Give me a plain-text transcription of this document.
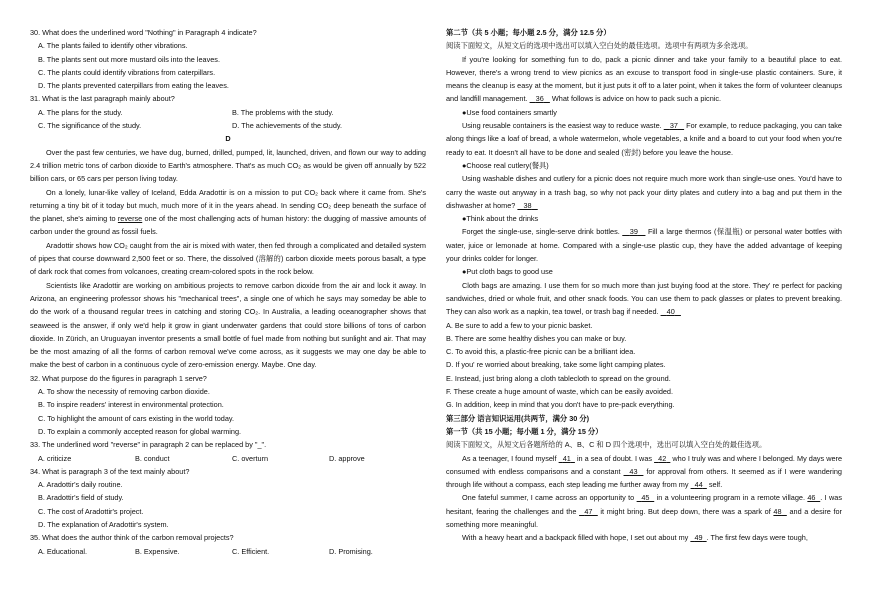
30. What does the underlined word "Nothing" in Paragraph 4 indicate?
A. The plants failed to identify other vibrations.
B. The plants sent out more mustard oils into the leaves.
C. The plants could identify vibrations from caterpillars.
D. The plants prevented caterpillars from eating the leaves.
31. What is the last paragraph mainly about?
A. The plans for the study.	B. The problems with the study.
C. The significance of the study.	D. The achievements of the study.
D
Over the past few centuries, we have dug, burned, drilled, pumped, lit, launched, driven, and flown our way to adding 2.4 trillion metric tons of carbon dioxide to Earth's atmosphere. That's as much CO₂ as would be given off annually by 522 billion cars, or 65 cars per person living today.
On a lonely, lunar-like valley of Iceland, Edda Aradottir is on a mission to put CO₂ back where it came from. She's returning a tiny bit of it today but much, much more of it in the years ahead. In sending CO₂ deep beneath the surface of the planet, she's aiming to reverse one of the most challenging acts of human history: the dugging of massive amounts of carbon under the ground as fossil fuels.
Aradottir shows how CO₂ caught from the air is mixed with water, then fed through a complicated and detailed system of pipes that course downward 2,500 feet or so. There, the dissolved (溶解的) carbon dioxide meets porous basalt, a type of dark rock that comes from volcanoes, creating cream-colored spots in the rock below.
Scientists like Aradottir are working on ambitious projects to remove carbon dioxide from the air and lock it away. In Arizona, an engineering professor shows his "mechanical trees", a single one of which he says may someday be able to do the work of a thousand regular trees in catching and storing CO₂. In Australia, a leading oceanographer shows that seaweed is the answer, if only we'd help it grow in giant underwater gardens that could store billions of tons of carbon dioxide. In Zürich, an Uruguayan inventor presents a small bottle of fuel made from nothing but sunlight and air. That may be the most amazing of all the forms of carbon removal we've come across, as it suggests we may one day be able to make the best of carbon in a continuous cycle of zero-emission energy. Maybe. One day.
32. What purpose do the figures in paragraph 1 serve?
A. To show the necessity of removing carbon dioxide.
B. To inspire readers' interest in environmental protection.
C. To highlight the amount of cars existing in the world today.
D. To explain a commonly accepted reason for global warming.
33. The underlined word "reverse" in paragraph 2 can be replaced by "_".
A. criticize	B. conduct	C. overturn	D. approve
34. What is paragraph 3 of the text mainly about?
A. Aradottir's daily routine.
B. Aradottir's field of study.
C. The cost of Aradottir's project.
D. The explanation of Aradottir's system.
35. What does the author think of the carbon removal projects?
A. Educational.	B. Expensive.	C. Efficient.	D. Promising.
第二节（共 5 小题；每小题 2.5 分，满分 12.5 分）
阅读下面短文，从短文后的选项中选出可以填入空白处的最佳选项。选项中有两项为多余选项。
If you're looking for something fun to do, pack a picnic dinner and take your family to a beautiful place to eat. However, there's a wrong trend to view picnics as an excuse to transport food in single-use plastic containers. Sure, it means the cleanup is easy at the moment, but it just puts it off to a later point, when it takes the form of volunteer cleanups and landfill management. 36 What follows is advice on how to pack such a picnic.
●Use food containers smartly
Using reusable containers is the easiest way to reduce waste. 37 For example, to reduce packaging, you can take along things like a loaf of bread, a whole watermelon, whole vegetables, a knife and a board to cut your food when you're ready to eat. It doesn't all have to be done and sealed (密封) before you leave the house.
●Choose real cutlery(餐具)
Using washable dishes and cutlery for a picnic does not require much more work than single-use ones. You'd have to carry the waste out anyway in a trash bag, so why not pack your dirty plates and cutlery into a bag and put them in the dishwasher at home? 38
●Think about the drinks
Forget the single-use, single-serve drink bottles. 39 Fill a large thermos (保温瓶) or personal water bottles with water, juice or lemonade at home. Compared with a single-use plastic cup, they have the added advantage of keeping your drinks colder for longer.
●Put cloth bags to good use
Cloth bags are amazing. I use them for so much more than just buying food at the store. They' re perfect for packing sandwiches, dried or whole fruit, and other snack foods. You can use them to pack glasses or plates to prevent breaking. They can also work as a napkin, tea towel, or trash bag if needed. 40
A. Be sure to add a few to your picnic basket.
B. There are some healthy dishes you can make or buy.
C. To avoid this, a plastic-free picnic can be a brilliant idea.
D. If you' re worried about breaking, take some light camping plates.
E. Instead, just bring along a cloth tablecloth to spread on the ground.
F. These create a huge amount of waste, which can be easily avoided.
G. In addition, keep in mind that you don't have to pre-pack everything.
第三部分 语言知识运用(共两节，满分 30 分)
第一节（共 15 小题；每小题 1 分，满分 15 分）
阅读下面短文，从短文后各题所给的 A、B、C 和 D 四个选项中，选出可以填入空白处的最佳选项。
As a teenager, I found myself 41 in a sea of doubt. I was 42 who I truly was and where I belonged. My days were consumed with endless comparisons and a constant 43 for approval from others. It seemed as if I were wandering through life without a compass, each step leading me further away from my 44 self.
One fateful summer, I came across an opportunity to 45 in a volunteering program in a remote village. 46 . I was hesitant, fearing the challenges and the 47 it might bring. But deep down, there was a spark of 48 and a desire for something more meaningful.
With a heavy heart and a backpack filled with hope, I set out about my 49 . The first few days were tough,
